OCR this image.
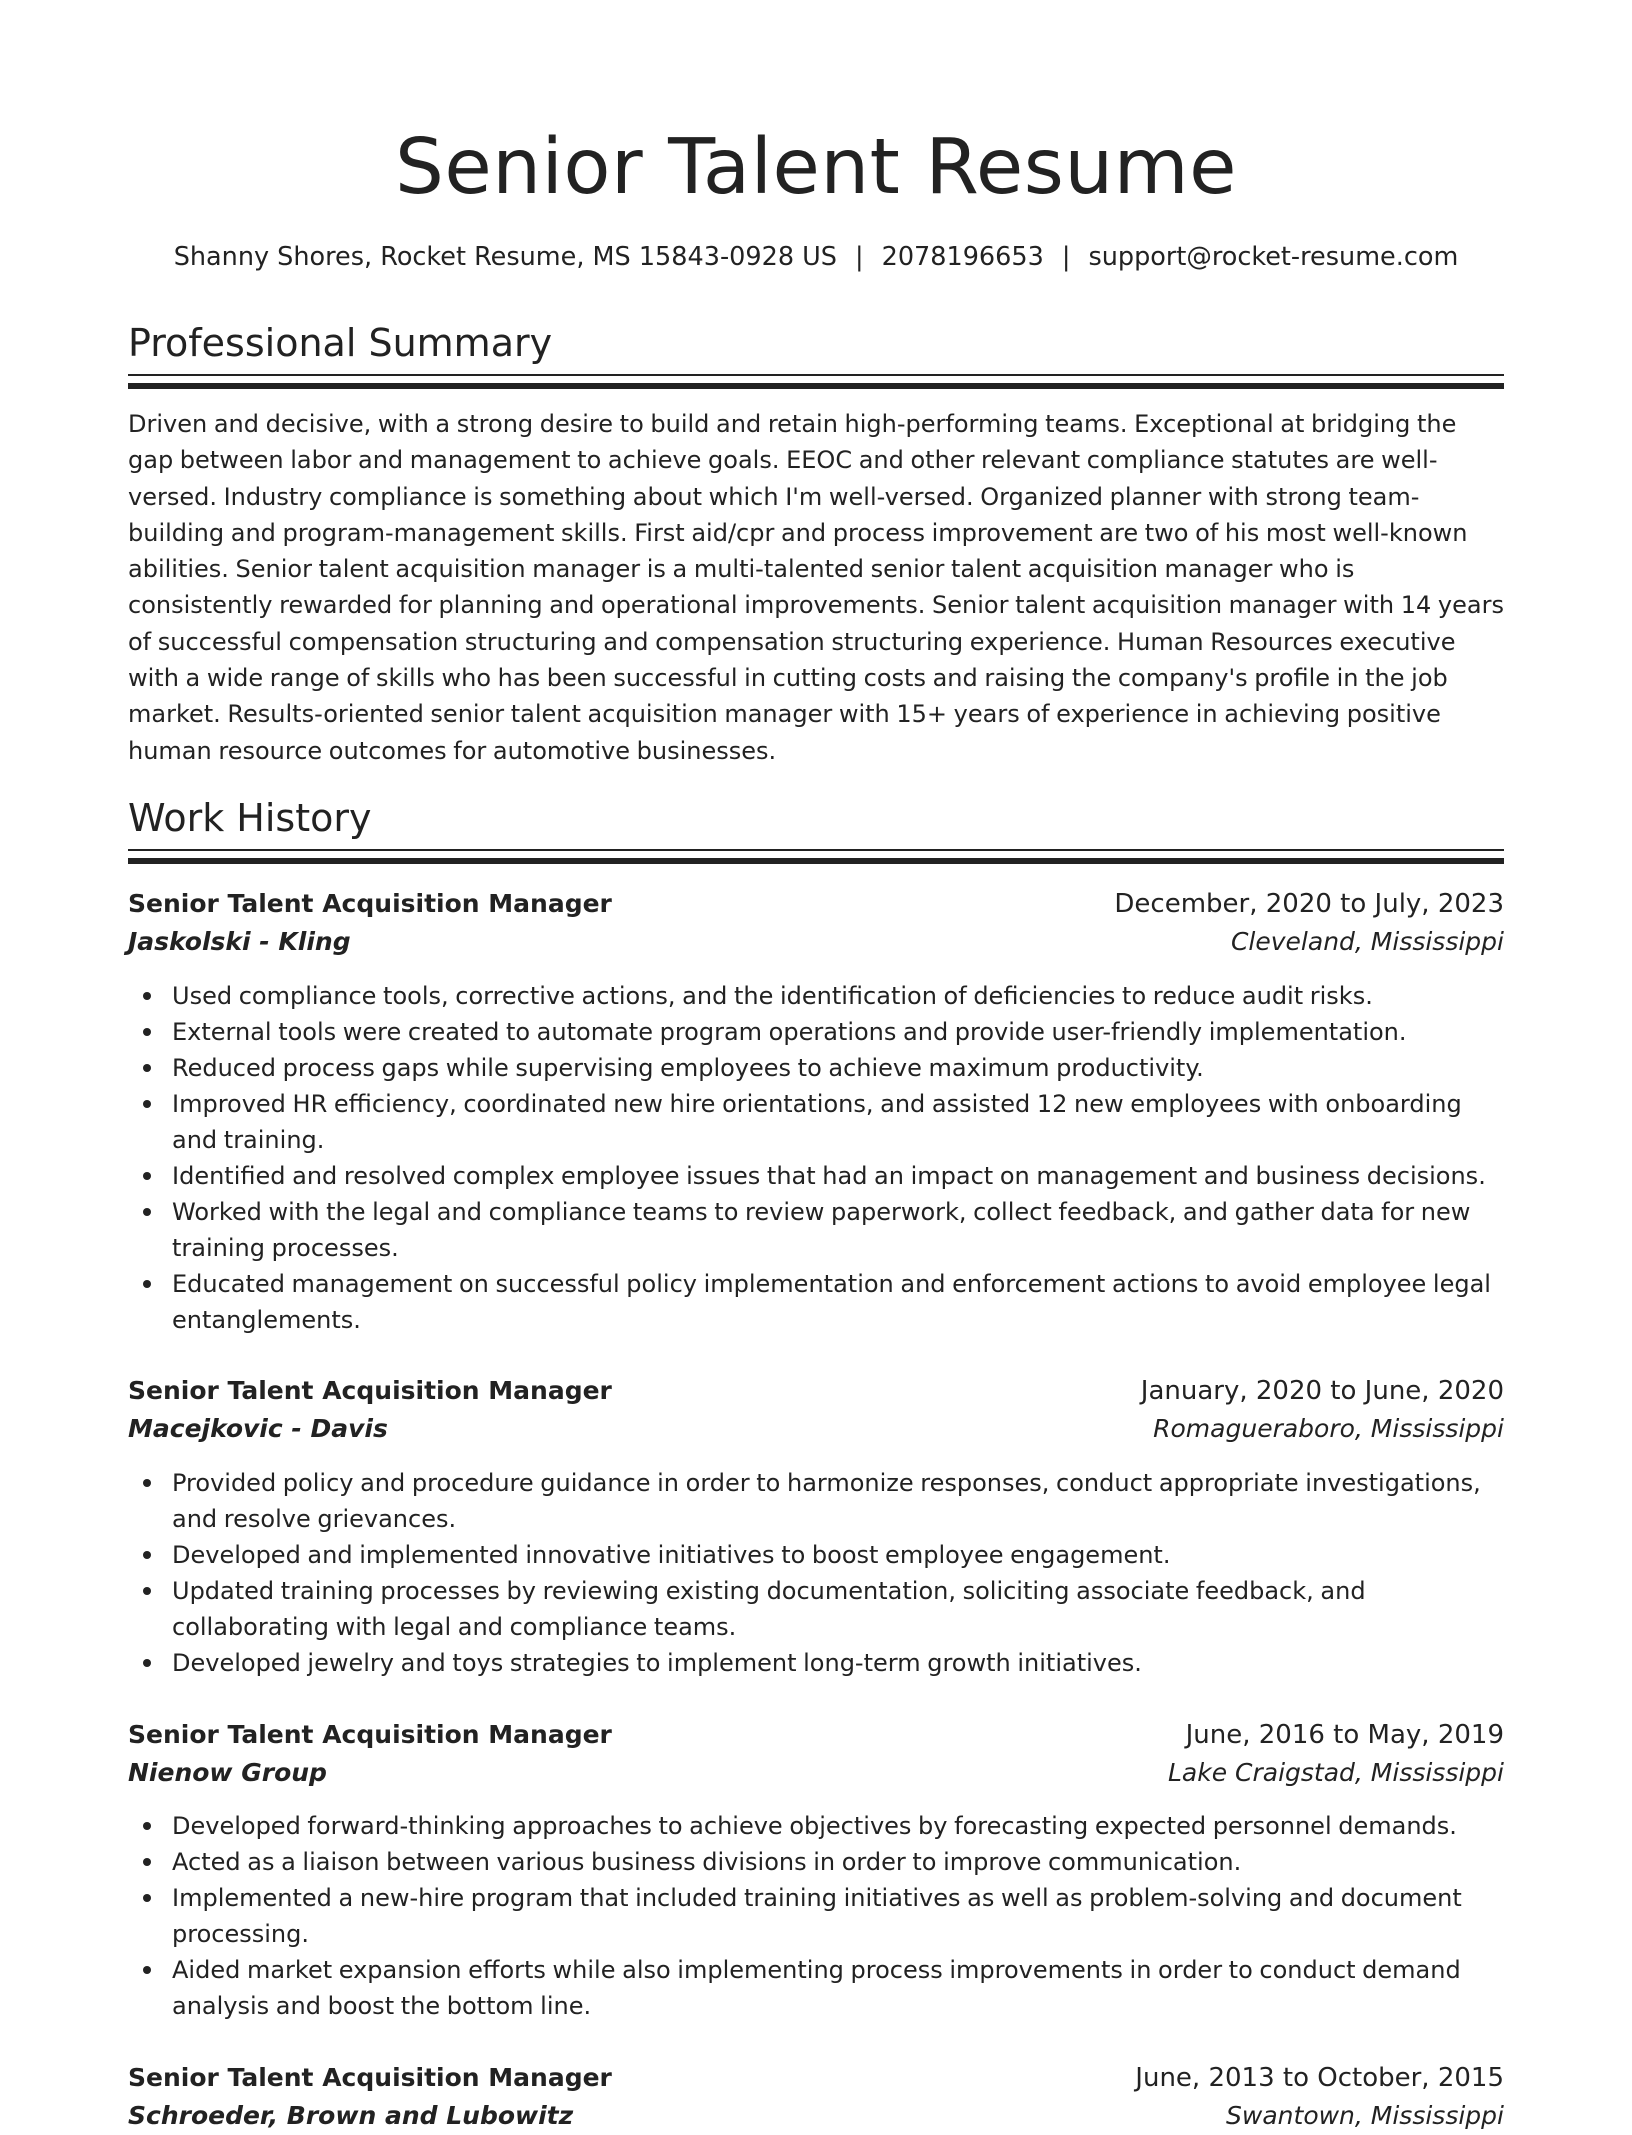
Senior Talent Resume
Shanny Shores, Rocket Resume, MS 15843-0928 US | 2078196653 | support@rocket-resume.com
Professional Summary

Driven and decisive, with a strong desire to build and retain high-performing teams. Exceptional at bridging the gap between labor and management to achieve goals. EEOC and other relevant compliance statutes are well-versed. Industry compliance is something about which I'm well-versed. Organized planner with strong team-building and program-management skills. First aid/cpr and process improvement are two of his most well-known abilities. Senior talent acquisition manager is a multi-talented senior talent acquisition manager who is consistently rewarded for planning and operational improvements. Senior talent acquisition manager with 14 years of successful compensation structuring and compensation structuring experience. Human Resources executive with a wide range of skills who has been successful in cutting costs and raising the company's profile in the job market. Results-oriented senior talent acquisition manager with 15+ years of experience in achieving positive human resource outcomes for automotive businesses.

Work History
Senior Talent Acquisition Manager	December, 2020 to July, 2023
Jaskolski - Kling	Cleveland, Mississippi
Used compliance tools, corrective actions, and the identification of deficiencies to reduce audit risks.
External tools were created to automate program operations and provide user-friendly implementation.
Reduced process gaps while supervising employees to achieve maximum productivity.
Improved HR efficiency, coordinated new hire orientations, and assisted 12 new employees with onboarding and training.
Identified and resolved complex employee issues that had an impact on management and business decisions.
Worked with the legal and compliance teams to review paperwork, collect feedback, and gather data for new training processes.
Educated management on successful policy implementation and enforcement actions to avoid employee legal entanglements.
Senior Talent Acquisition Manager	January, 2020 to June, 2020
Macejkovic - Davis	Romagueraboro, Mississippi
Provided policy and procedure guidance in order to harmonize responses, conduct appropriate investigations, and resolve grievances.
Developed and implemented innovative initiatives to boost employee engagement.
Updated training processes by reviewing existing documentation, soliciting associate feedback, and collaborating with legal and compliance teams.
Developed jewelry and toys strategies to implement long-term growth initiatives.
Senior Talent Acquisition Manager	June, 2016 to May, 2019
Nienow Group	Lake Craigstad, Mississippi
Developed forward-thinking approaches to achieve objectives by forecasting expected personnel demands.
Acted as a liaison between various business divisions in order to improve communication.
Implemented a new-hire program that included training initiatives as well as problem-solving and document processing.
Aided market expansion efforts while also implementing process improvements in order to conduct demand analysis and boost the bottom line.
Senior Talent Acquisition Manager	June, 2013 to October, 2015
Schroeder, Brown and Lubowitz	Swantown, Mississippi
